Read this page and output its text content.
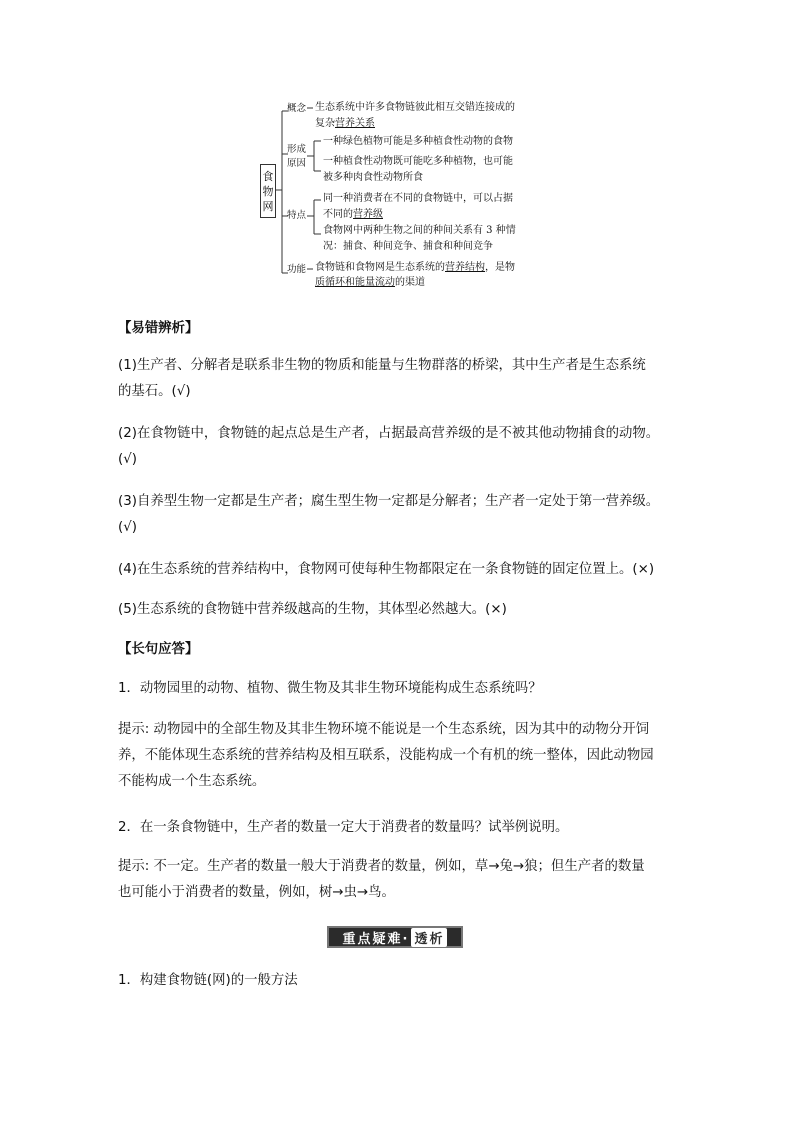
食
物
网
概念 生态系统中许多食物链彼此相互交错连接成的
复杂营养关系
形成
原因
一种绿色植物可能是多种植食性动物的食物
一种植食性动物既可能吃多种植物，也可能
被多种肉食性动物所食
特点
同一种消费者在不同的食物链中，可以占据
不同的营养级
食物网中两种生物之间的种间关系有 3 种情
况：捕食、种间竞争、捕食和种间竞争
功能 食物链和食物网是生态系统的营养结构，是物
质循环和能量流动的渠道
【易错辨析】
(1)生产者、分解者是联系非生物的物质和能量与生物群落的桥梁，其中生产者是生态系统
的基石。(√)
(2)在食物链中，食物链的起点总是生产者，占据最高营养级的是不被其他动物捕食的动物。
(√)
(3)自养型生物一定都是生产者；腐生型生物一定都是分解者；生产者一定处于第一营养级。
(√)
(4)在生态系统的营养结构中，食物网可使每种生物都限定在一条食物链的固定位置上。(×)
(5)生态系统的食物链中营养级越高的生物，其体型必然越大。(×)
【长句应答】
1．动物园里的动物、植物、微生物及其非生物环境能构成生态系统吗？
提示: 动物园中的全部生物及其非生物环境不能说是一个生态系统，因为其中的动物分开饲
养，不能体现生态系统的营养结构及相互联系，没能构成一个有机的统一整体，因此动物园
不能构成一个生态系统。
2．在一条食物链中，生产者的数量一定大于消费者的数量吗？试举例说明。
提示: 不一定。生产者的数量一般大于消费者的数量，例如，草→兔→狼；但生产者的数量
也可能小于消费者的数量，例如，树→虫→鸟。
重点疑难· 透析
1．构建食物链(网)的一般方法
